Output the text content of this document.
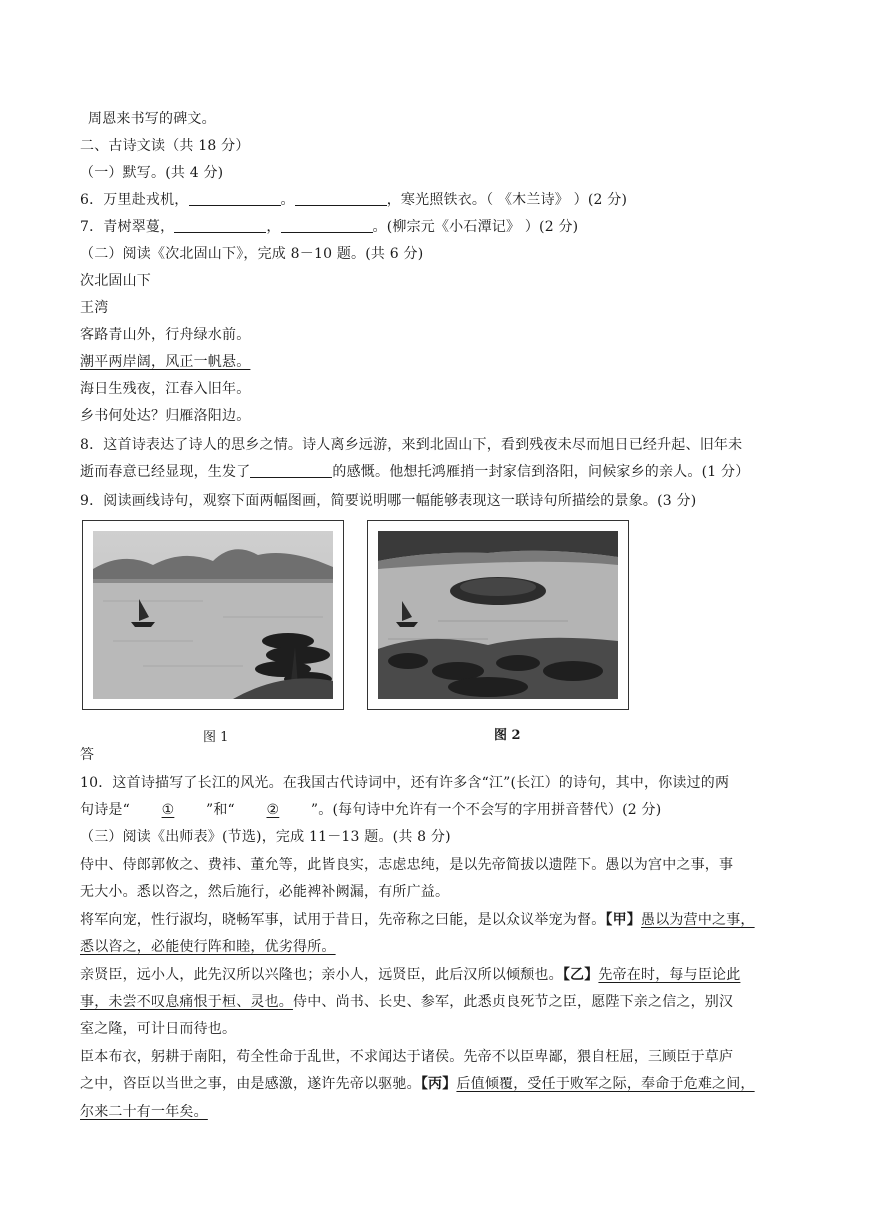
周恩来书写的碑文。
二、古诗文读（共 18 分）
（一）默写。(共 4 分)
6．万里赴戎机，	。	，寒光照铁衣。（ 《木兰诗》 ）(2 分)
7．青树翠蔓，	，	。(柳宗元《小石潭记》 ）(2 分)
（二）阅读《次北固山下》，完成 8－10 题。(共 6 分)
次北固山下
王湾
客路青山外，行舟绿水前。
潮平两岸阔，风正一帆悬。
海日生残夜，江春入旧年。
乡书何处达？归雁洛阳边。
8．这首诗表达了诗人的思乡之情。诗人离乡远游，来到北固山下，看到残夜未尽而旭日已经升起、旧年未
逝而春意已经显现，生发了	的感慨。他想托鸿雁捎一封家信到洛阳，问候家乡的亲人。(1 分）
9．阅读画线诗句，观察下面两幅图画，简要说明哪一幅能够表现这一联诗句所描绘的景象。(3 分)
图 1	图 2
答
10．这首诗描写了长江的风光。在我国古代诗词中，还有许多含“江”(长江）的诗句，其中，你读过的两
句诗是“ ① ”和“ ② ”。(每句诗中允许有一个不会写的字用拼音替代）(2 分)
（三）阅读《出师表》(节选)，完成 11－13 题。(共 8 分)
侍中、侍郎郭攸之、费祎、董允等，此皆良实，志虑忠纯，是以先帝简拔以遗陛下。愚以为宫中之事，事
无大小。悉以咨之，然后施行，必能裨补阙漏，有所广益。
将军向宠，性行淑均，晓畅军事，试用于昔日，先帝称之曰能，是以众议举宠为督。【甲】愚以为营中之事，
悉以咨之，必能使行阵和睦，优劣得所。
亲贤臣，远小人，此先汉所以兴隆也；亲小人，远贤臣，此后汉所以倾颓也。【乙】先帝在时，每与臣论此
事，未尝不叹息痛恨于桓、灵也。侍中、尚书、长史、参军，此悉贞良死节之臣，愿陛下亲之信之，别汉
室之隆，可计日而待也。
臣本布衣，躬耕于南阳，苟全性命于乱世，不求闻达于诸侯。先帝不以臣卑鄙，猥自枉屈，三顾臣于草庐
之中，咨臣以当世之事，由是感激，遂许先帝以驱驰。【丙】后值倾覆，受任于败军之际，奉命于危难之间，
尔来二十有一年矣。
